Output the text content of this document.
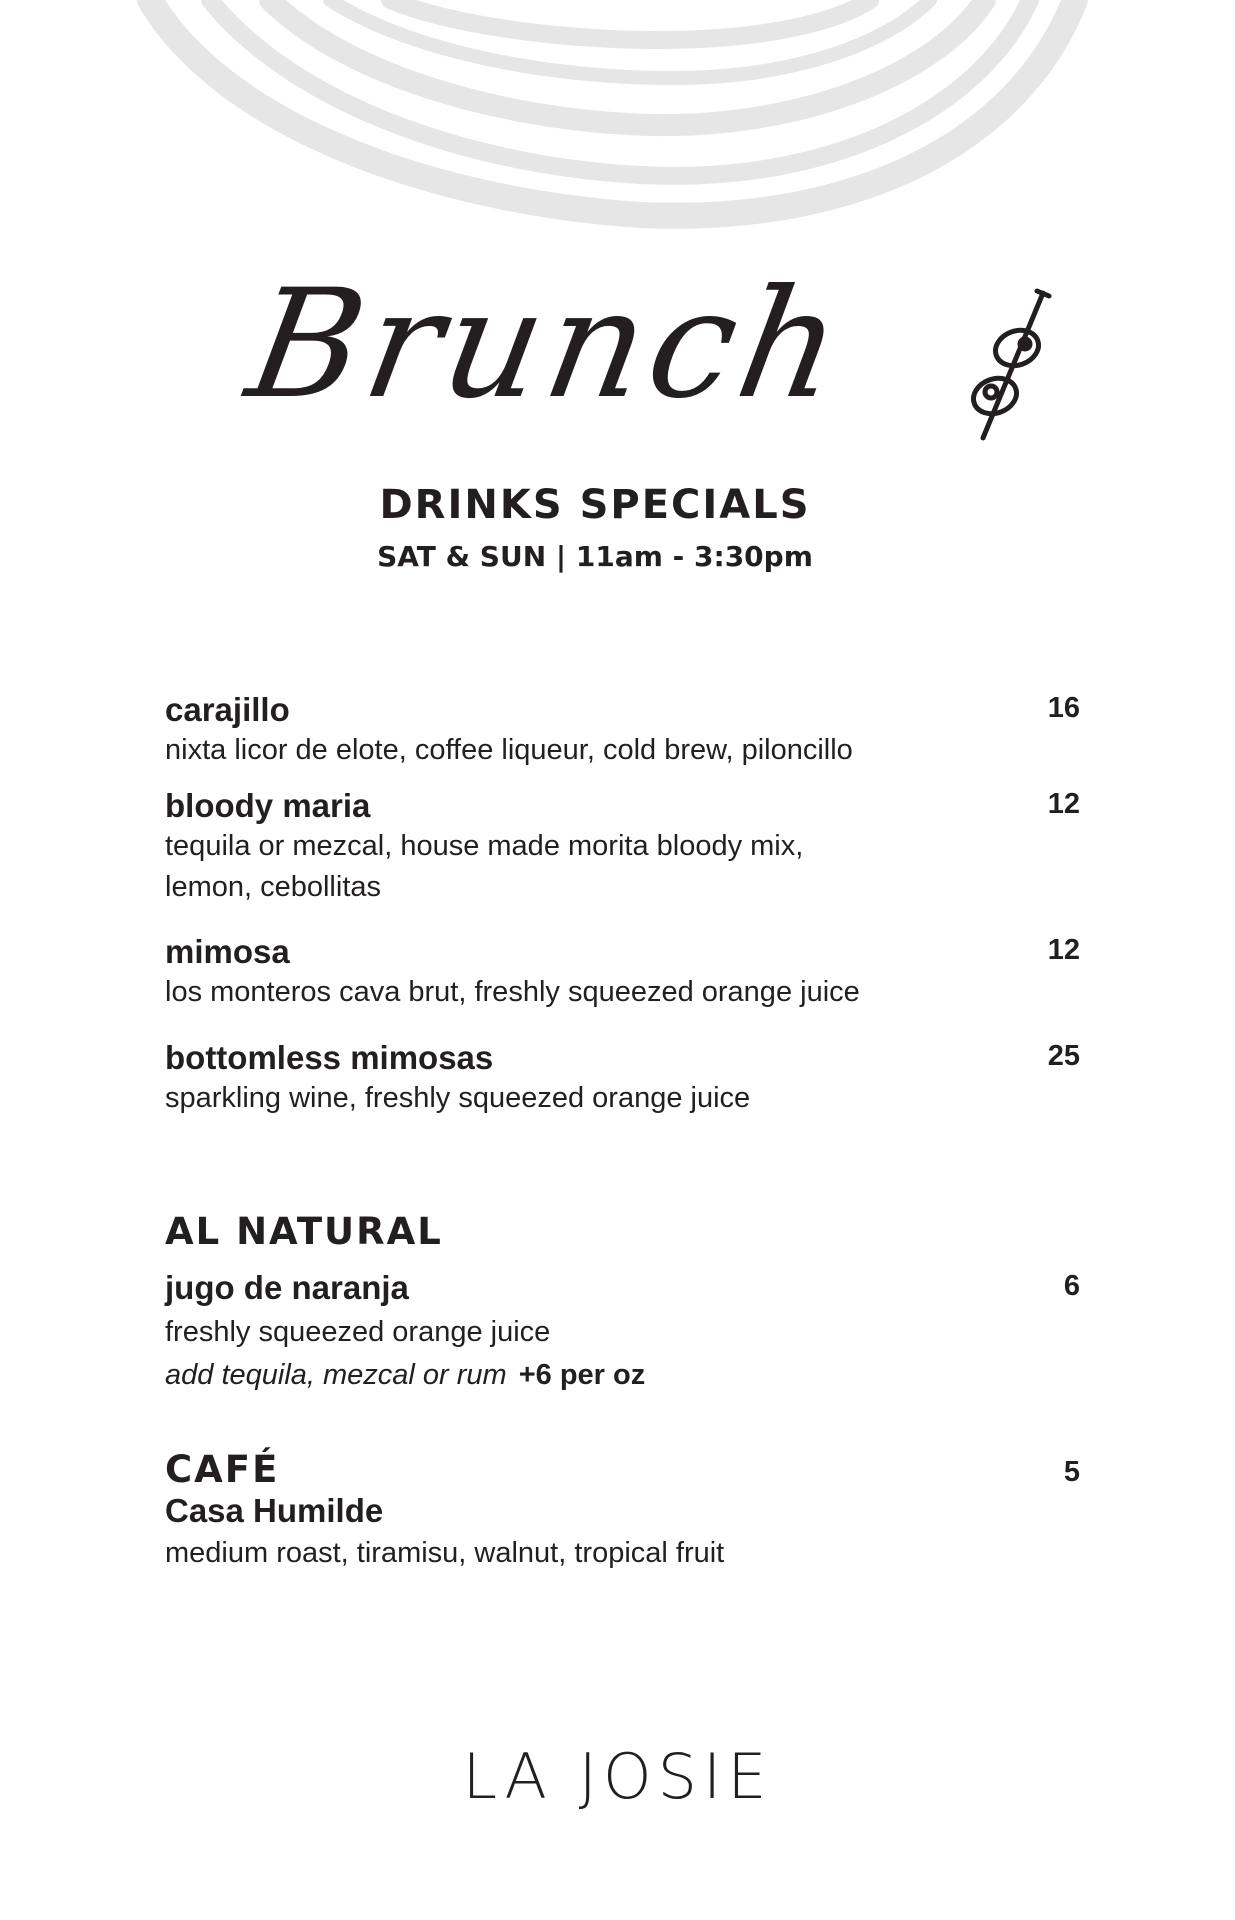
Brunch
DRINKS SPECIALS
SAT & SUN | 11am - 3:30pm
carajillo	16
nixta licor de elote, coffee liqueur, cold brew, piloncillo
bloody maria	12
tequila or mezcal, house made morita bloody mix, lemon, cebollitas
mimosa	12
los monteros cava brut, freshly squeezed orange juice
bottomless mimosas	25
sparkling wine, freshly squeezed orange juice
AL NATURAL
jugo de naranja	6
freshly squeezed orange juice
add tequila, mezcal or rum +6 per oz
CAFÉ	5
Casa Humilde
medium roast, tiramisu, walnut, tropical fruit
LA JOSIE
